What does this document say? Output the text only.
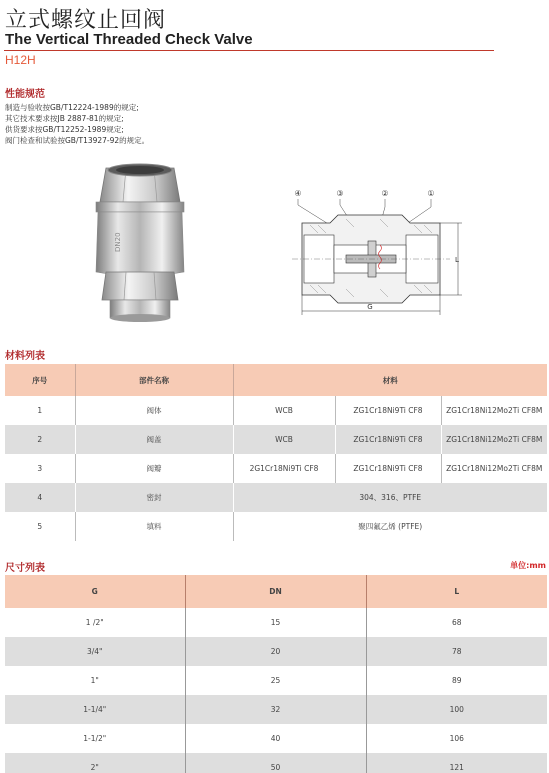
立式螺纹止回阀
The Vertical Threaded Check Valve
H12H
性能规范
制造与验收按GB/T12224-1989的规定;
其它技术要求按JB 2887-81的规定;
供货要求按GB/T12252-1989规定;
阀门检查和试验按GB/T13927-92的规定。
DN20
④	③	②	①
L
G
材料列表
序号	部件名称	材料		
1	阀体	WCB	ZG1Cr18Ni9Ti CF8	ZG1Cr18Ni12Mo2Ti CF8M
2	阀盖	WCB	ZG1Cr18Ni9Ti CF8	ZG1Cr18Ni12Mo2Ti CF8M
3	阀瓣	2G1Cr18Ni9Ti CF8	ZG1Cr18Ni9Ti CF8	ZG1Cr18Ni12Mo2Ti CF8M
4	密封	304、316、PTFE		
5	填料	聚四氟乙烯 (PTFE)		
尺寸列表	单位:mm
G	DN	L
1 /2"	15	68
3/4"	20	78
1"	25	89
1-1/4"	32	100
1-1/2"	40	106
2"	50	121
